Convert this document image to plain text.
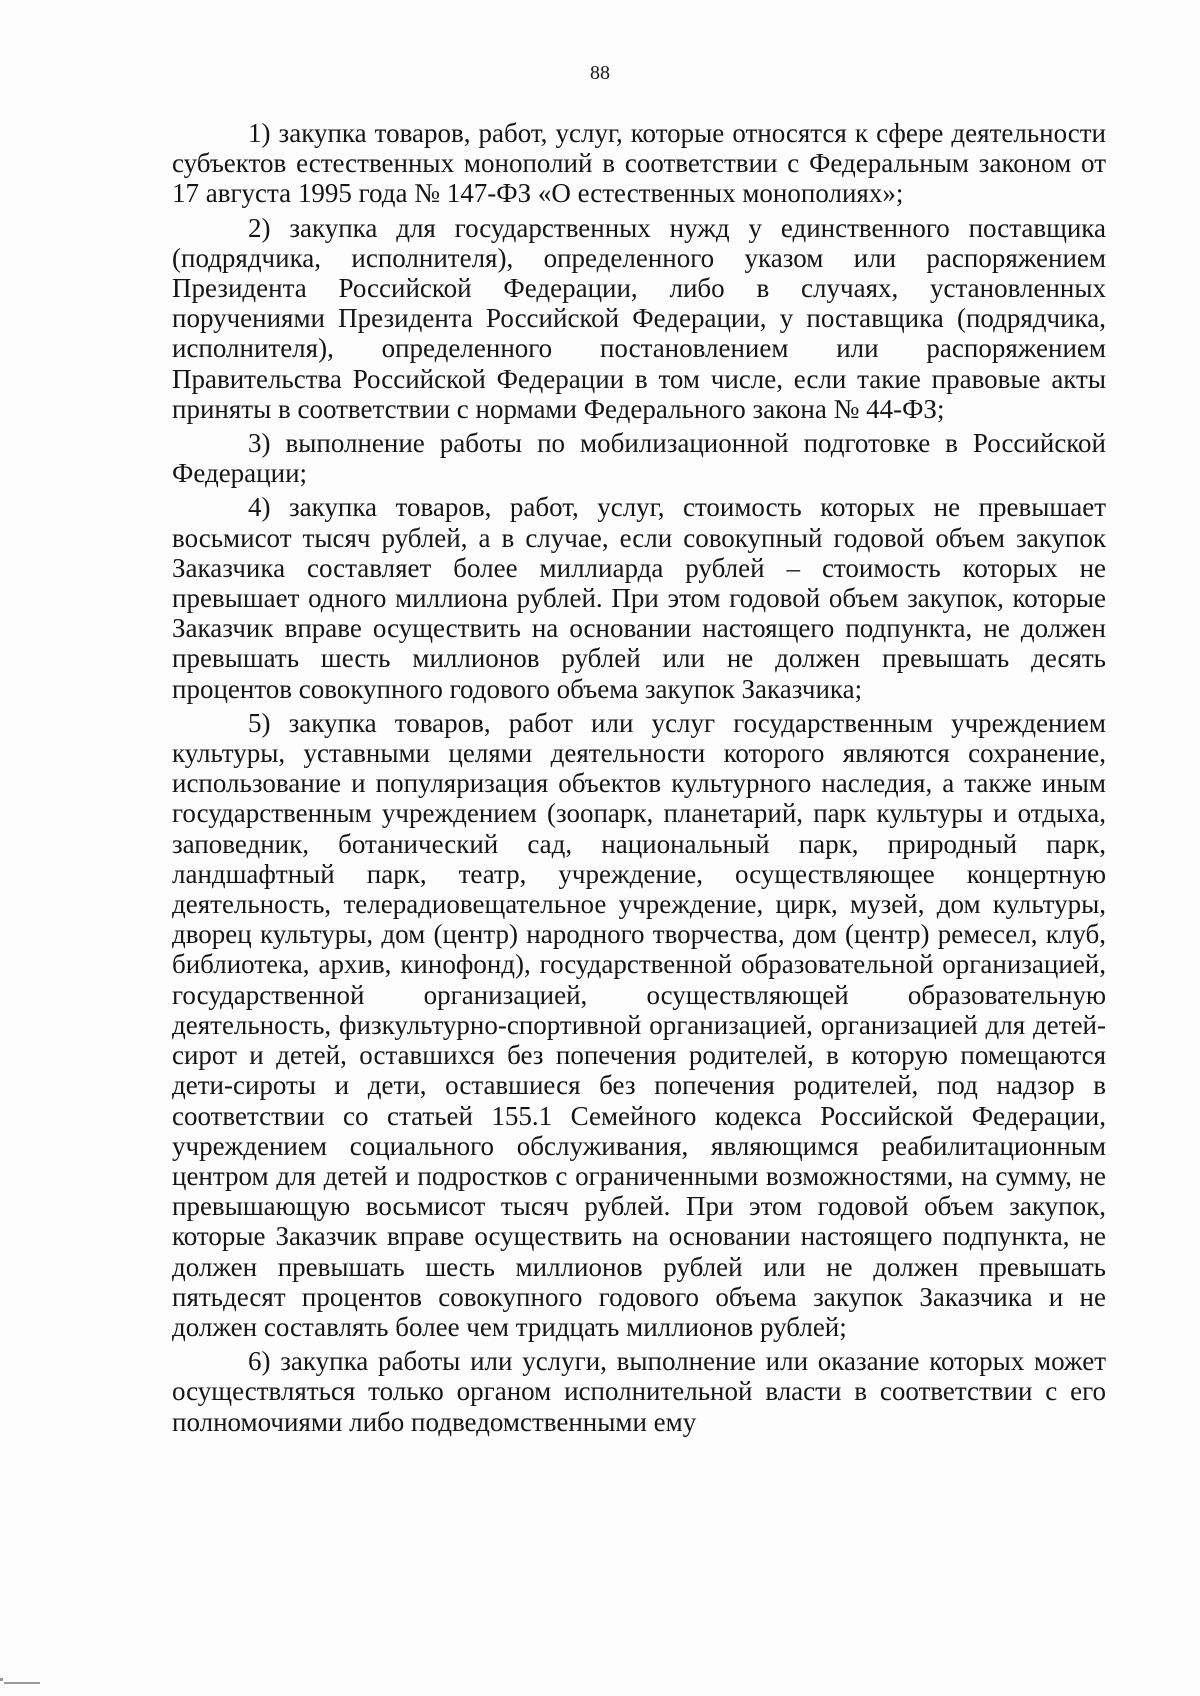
88

1) закупка товаров, работ, услуг, которые относятся к сфере деятельности субъектов естественных монополий в соответствии с Федеральным законом от 17 августа 1995 года № 147-ФЗ «О естественных монополиях»;

2) закупка для государственных нужд у единственного поставщика (подрядчика, исполнителя), определенного указом или распоряжением Президента Российской Федерации, либо в случаях, установленных поручениями Президента Российской Федерации, у поставщика (подрядчика, исполнителя), определенного постановлением или распоряжением Правительства Российской Федерации в том числе, если такие правовые акты приняты в соответствии с нормами Федерального закона № 44-ФЗ;

3) выполнение работы по мобилизационной подготовке в Российской Федерации;

4) закупка товаров, работ, услуг, стоимость которых не превышает восьмисот тысяч рублей, а в случае, если совокупный годовой объем закупок Заказчика составляет более миллиарда рублей – стоимость которых не превышает одного миллиона рублей. При этом годовой объем закупок, которые Заказчик вправе осуществить на основании настоящего подпункта, не должен превышать шесть миллионов рублей или не должен превышать десять процентов совокупного годового объема закупок Заказчика;

5) закупка товаров, работ или услуг государственным учреждением культуры, уставными целями деятельности которого являются сохранение, использование и популяризация объектов культурного наследия, а также иным государственным учреждением (зоопарк, планетарий, парк культуры и отдыха, заповедник, ботанический сад, национальный парк, природный парк, ландшафтный парк, театр, учреждение, осуществляющее концертную деятельность, телерадиовещательное учреждение, цирк, музей, дом культуры, дворец культуры, дом (центр) народного творчества, дом (центр) ремесел, клуб, библиотека, архив, кинофонд), государственной образовательной организацией, государственной организацией, осуществляющей образовательную деятельность, физкультурно-спортивной организацией, организацией для детей-сирот и детей, оставшихся без попечения родителей, в которую помещаются дети-сироты и дети, оставшиеся без попечения родителей, под надзор в соответствии со статьей 155.1 Семейного кодекса Российской Федерации, учреждением социального обслуживания, являющимся реабилитационным центром для детей и подростков с ограниченными возможностями, на сумму, не превышающую восьмисот тысяч рублей. При этом годовой объем закупок, которые Заказчик вправе осуществить на основании настоящего подпункта, не должен превышать шесть миллионов рублей или не должен превышать пятьдесят процентов совокупного годового объема закупок Заказчика и не должен составлять более чем тридцать миллионов рублей;

6) закупка работы или услуги, выполнение или оказание которых может осуществляться только органом исполнительной власти в соответствии с его полномочиями либо подведомственными ему
